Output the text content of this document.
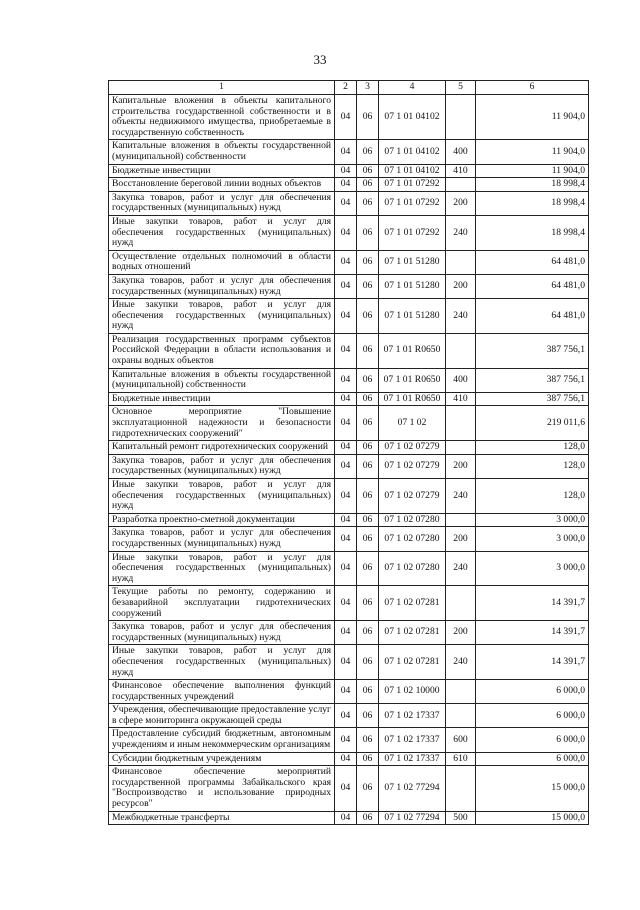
33
1	2	3	4	5	6
Капитальные вложения в объекты капитального строительства государственной собственности и в объекты недвижимого имущества, приобретаемые в государственную собственность	04	06	07 1 01 04102		11 904,0
Капитальные вложения в объекты государственной (муниципальной) собственности	04	06	07 1 01 04102	400	11 904,0
Бюджетные инвестиции	04	06	07 1 01 04102	410	11 904,0
Восстановление береговой линии водных объектов	04	06	07 1 01 07292		18 998,4
Закупка товаров, работ и услуг для обеспечения государственных (муниципальных) нужд	04	06	07 1 01 07292	200	18 998,4
Иные закупки товаров, работ и услуг для обеспечения государственных (муниципальных) нужд	04	06	07 1 01 07292	240	18 998,4
Осуществление отдельных полномочий в области водных отношений	04	06	07 1 01 51280		64 481,0
Закупка товаров, работ и услуг для обеспечения государственных (муниципальных) нужд	04	06	07 1 01 51280	200	64 481,0
Иные закупки товаров, работ и услуг для обеспечения государственных (муниципальных) нужд	04	06	07 1 01 51280	240	64 481,0
Реализация государственных программ субъектов Российской Федерации в области использования и охраны водных объектов	04	06	07 1 01 R0650		387 756,1
Капитальные вложения в объекты государственной (муниципальной) собственности	04	06	07 1 01 R0650	400	387 756,1
Бюджетные инвестиции	04	06	07 1 01 R0650	410	387 756,1
Основное мероприятие "Повышение эксплуатационной надежности и безопасности гидротехнических сооружений"	04	06	07 1 02		219 011,6
Капитальный ремонт гидротехнических сооружений	04	06	07 1 02 07279		128,0
Закупка товаров, работ и услуг для обеспечения государственных (муниципальных) нужд	04	06	07 1 02 07279	200	128,0
Иные закупки товаров, работ и услуг для обеспечения государственных (муниципальных) нужд	04	06	07 1 02 07279	240	128,0
Разработка проектно-сметной документации	04	06	07 1 02 07280		3 000,0
Закупка товаров, работ и услуг для обеспечения государственных (муниципальных) нужд	04	06	07 1 02 07280	200	3 000,0
Иные закупки товаров, работ и услуг для обеспечения государственных (муниципальных) нужд	04	06	07 1 02 07280	240	3 000,0
Текущие работы по ремонту, содержанию и безаварийной эксплуатации гидротехнических сооружений	04	06	07 1 02 07281		14 391,7
Закупка товаров, работ и услуг для обеспечения государственных (муниципальных) нужд	04	06	07 1 02 07281	200	14 391,7
Иные закупки товаров, работ и услуг для обеспечения государственных (муниципальных) нужд	04	06	07 1 02 07281	240	14 391,7
Финансовое обеспечение выполнения функций государственных учреждений	04	06	07 1 02 10000		6 000,0
Учреждения, обеспечивающие предоставление услуг в сфере мониторинга окружающей среды	04	06	07 1 02 17337		6 000,0
Предоставление субсидий бюджетным, автономным учреждениям и иным некоммерческим организациям	04	06	07 1 02 17337	600	6 000,0
Субсидии бюджетным учреждениям	04	06	07 1 02 17337	610	6 000,0
Финансовое обеспечение мероприятий государственной программы Забайкальского края "Воспроизводство и использование природных ресурсов"	04	06	07 1 02 77294		15 000,0
Межбюджетные трансферты	04	06	07 1 02 77294	500	15 000,0
